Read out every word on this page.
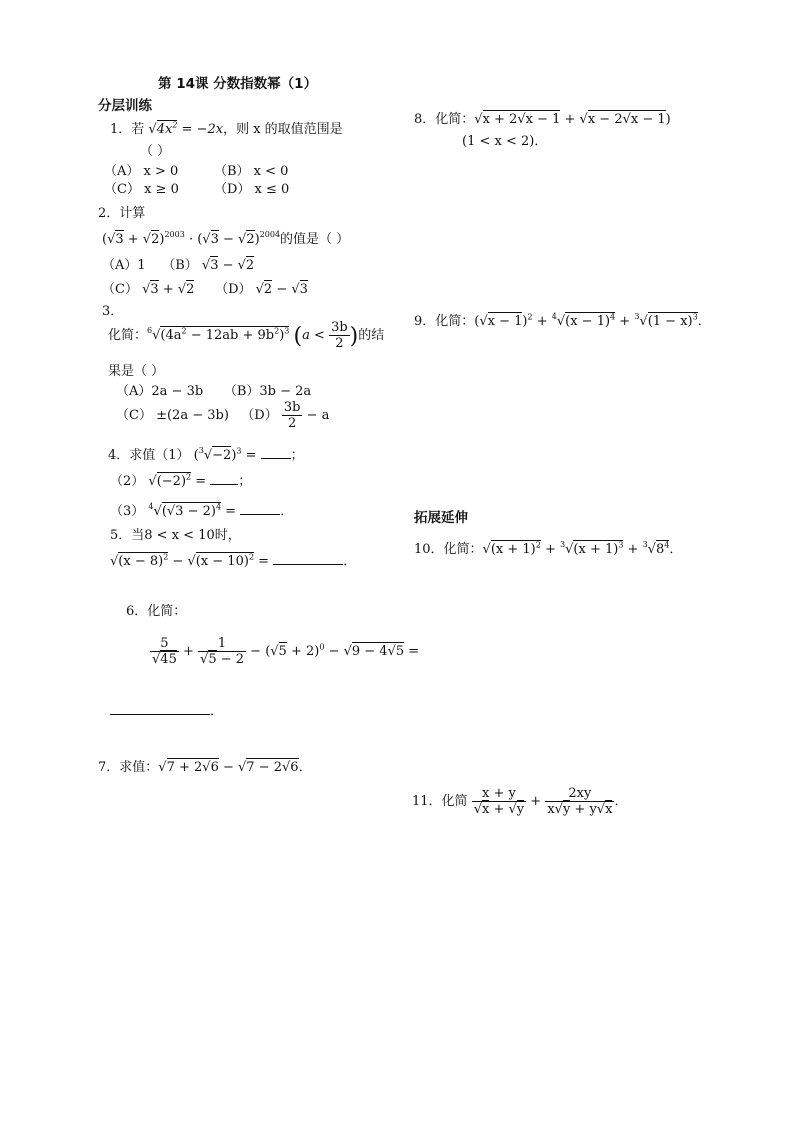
第 14课 分数指数幂（1）
分层训练
1．若 $√4x^2 = -2x$，则 x 的取值范围是
（ ）
（A） x > 0	（B） x < 0
（C） x ≥ 0	（D） x ≤ 0
2．计算
$(√3 + √2)^{2003} \cdot (√3 - √2)^{2004}$的值是（ ）
（A）1 （B） √3 − √2
（C） √3 + √2 （D） √2 − √3
3．
化简：$^6√(4a^2 - 12ab + 9b^2)^3$ ($a < \frac{3b}{2}$ )的结
果是（ ）
（A）2a − 3b （B）3b − 2a
（C） ±(2a − 3b) $(D) \frac{3b}{2} - a$
4．求值（1） $(^3√-2)^3$ = ；
（2） $√(-2)^2$ = ；
（3） $^4√(√3 - 2)^4$ =	．
5．当8 < x < 10时，
$√(x - 8)^2 - √(x - 10)^2$ =	．
6．化简：
$\frac{5}{√45} + \frac{1}{√5 - 2} - (√5 + 2)^0 - √9 - 4√5$ =
．
7．求值：√7 + 2√6 − √7 − 2√6．
8．化简：√x + 2√x − 1 + √x − 2√x − 1)
(1 < x < 2)．
9．化简：$(√x - 1)^2 + ^4√(x - 1)^4 + ^3√(1 - x)^3$．
拓展延伸
10．化简：$√(x + 1)^2 + ^3√(x + 1)^3 + ^3√8^4$．
11．化简 $\frac{x + y}{√x + √y} + \frac{2xy}{x√y + y√x}$ ．
